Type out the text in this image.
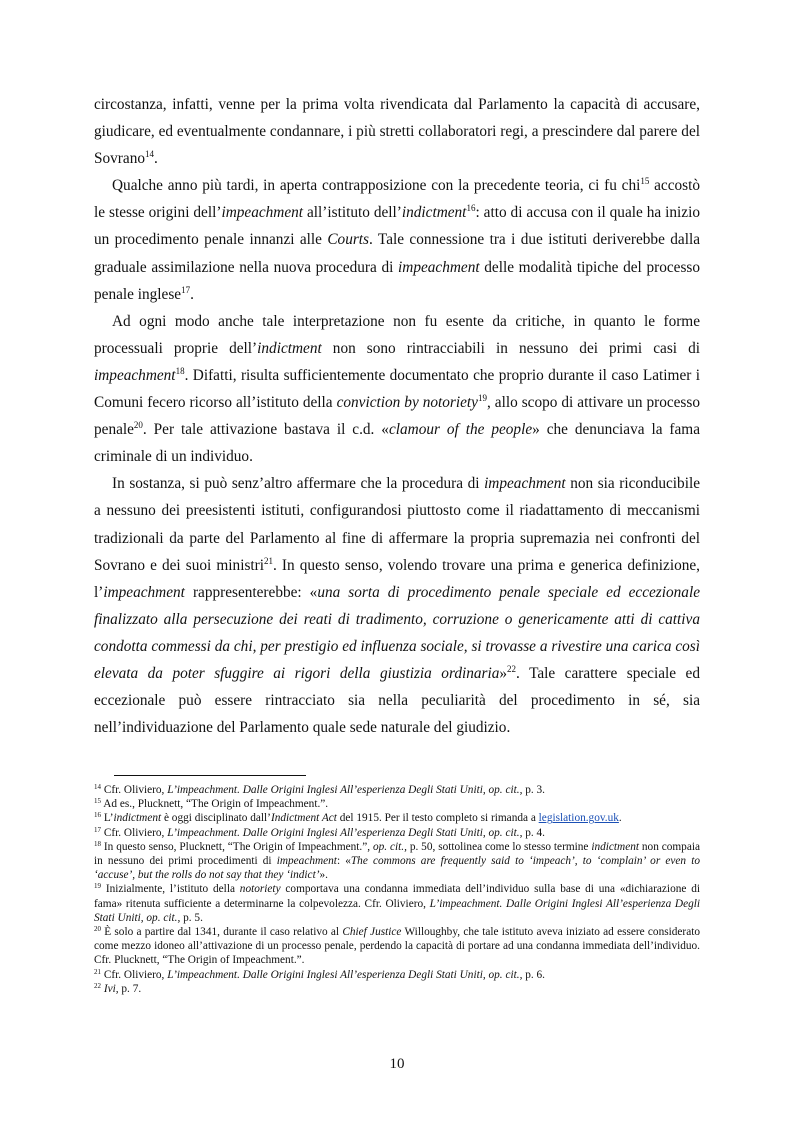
circostanza, infatti, venne per la prima volta rivendicata dal Parlamento la capacità di accusare, giudicare, ed eventualmente condannare, i più stretti collaboratori regi, a prescindere dal parere del Sovrano$^{14}$.

Qualche anno più tardi, in aperta contrapposizione con la precedente teoria, ci fu chi$^{15}$ accostò le stesse origini dell’impeachment all’istituto dell’indictment$^{16}$: atto di accusa con il quale ha inizio un procedimento penale innanzi alle Courts. Tale connessione tra i due istituti deriverebbe dalla graduale assimilazione nella nuova procedura di impeachment delle modalità tipiche del processo penale inglese$^{17}$.

Ad ogni modo anche tale interpretazione non fu esente da critiche, in quanto le forme processuali proprie dell’indictment non sono rintracciabili in nessuno dei primi casi di impeachment$^{18}$. Difatti, risulta sufficientemente documentato che proprio durante il caso Latimer i Comuni fecero ricorso all’istituto della conviction by notoriety$^{19}$, allo scopo di attivare un processo penale$^{20}$. Per tale attivazione bastava il c.d. «clamour of the people» che denunciava la fama criminale di un individuo.

In sostanza, si può senz’altro affermare che la procedura di impeachment non sia riconducibile a nessuno dei preesistenti istituti, configurandosi piuttosto come il riadattamento di meccanismi tradizionali da parte del Parlamento al fine di affermare la propria supremazia nei confronti del Sovrano e dei suoi ministri$^{21}$. In questo senso, volendo trovare una prima e generica definizione, l’impeachment rappresenterebbe: «una sorta di procedimento penale speciale ed eccezionale finalizzato alla persecuzione dei reati di tradimento, corruzione o genericamente atti di cattiva condotta commessi da chi, per prestigio ed influenza sociale, si trovasse a rivestire una carica così elevata da poter sfuggire ai rigori della giustizia ordinaria»$^{22}$. Tale carattere speciale ed eccezionale può essere rintracciato sia nella peculiarità del procedimento in sé, sia nell’individuazione del Parlamento quale sede naturale del giudizio.

$^{14}$ Cfr. Oliviero, L’impeachment. Dalle Origini Inglesi All’esperienza Degli Stati Uniti, op. cit., p. 3.

$^{15}$ Ad es., Plucknett, “The Origin of Impeachment.”.

$^{16}$ L’indictment è oggi disciplinato dall’Indictment Act del 1915. Per il testo completo si rimanda a legislation.gov.uk.

$^{17}$ Cfr. Oliviero, L’impeachment. Dalle Origini Inglesi All’esperienza Degli Stati Uniti, op. cit., p. 4.

$^{18}$ In questo senso, Plucknett, “The Origin of Impeachment.”, op. cit., p. 50, sottolinea come lo stesso termine indictment non compaia in nessuno dei primi procedimenti di impeachment: «The commons are frequently said to ‘impeach’, to ‘complain’ or even to ‘accuse’, but the rolls do not say that they ‘indict’».

$^{19}$ Inizialmente, l’istituto della notoriety comportava una condanna immediata dell’individuo sulla base di una «dichiarazione di fama» ritenuta sufficiente a determinarne la colpevolezza. Cfr. Oliviero, L’impeachment. Dalle Origini Inglesi All’esperienza Degli Stati Uniti, op. cit., p. 5.

$^{20}$ È solo a partire dal 1341, durante il caso relativo al Chief Justice Willoughby, che tale istituto aveva iniziato ad essere considerato come mezzo idoneo all’attivazione di un processo penale, perdendo la capacità di portare ad una condanna immediata dell’individuo. Cfr. Plucknett, “The Origin of Impeachment.”.

$^{21}$ Cfr. Oliviero, L’impeachment. Dalle Origini Inglesi All’esperienza Degli Stati Uniti, op. cit., p. 6.

$^{22}$ Ivi, p. 7.

10
